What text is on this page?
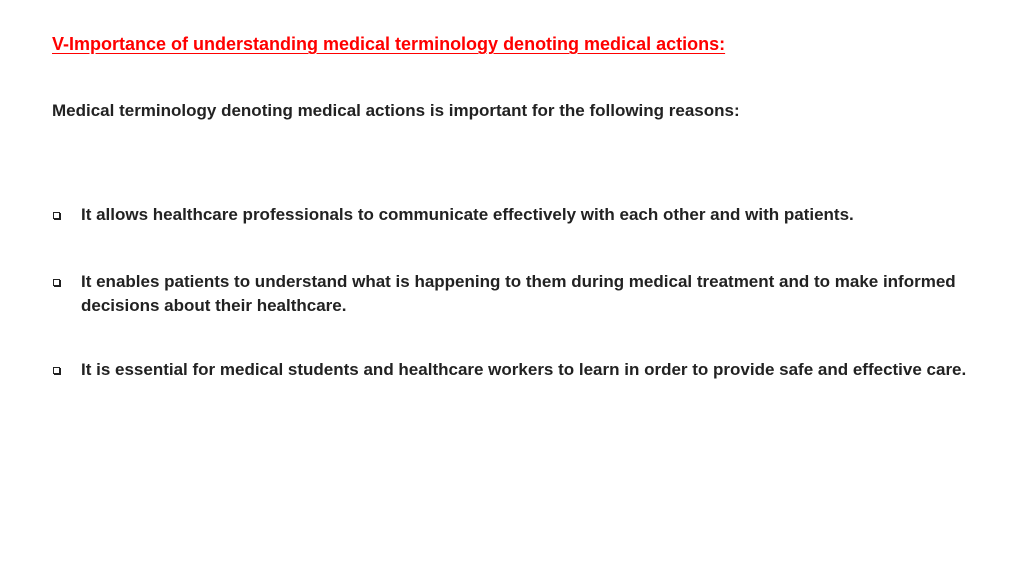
V-Importance of understanding medical terminology denoting medical actions:

Medical terminology denoting medical actions is important for the following reasons:

It allows healthcare professionals to communicate effectively with each other and with patients.
It enables patients to understand what is happening to them during medical treatment and to make informed decisions about their healthcare.
It is essential for medical students and healthcare workers to learn in order to provide safe and effective care.
